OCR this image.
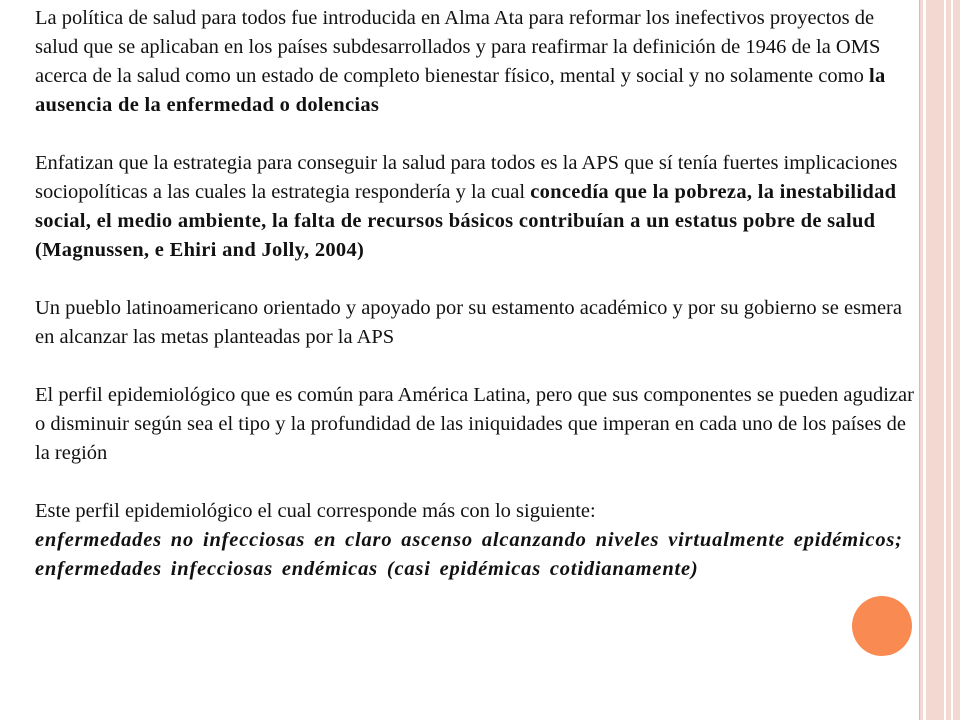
La política de salud para todos fue introducida en Alma Ata para reformar los inefectivos proyectos de salud que se aplicaban en los países subdesarrollados y para reafirmar la definición de 1946 de la OMS acerca de la salud como un estado de completo bienestar físico, mental y social y no solamente como la ausencia de la enfermedad o dolencias

Enfatizan que la estrategia para conseguir la salud para todos es la APS que sí tenía fuertes implicaciones sociopolíticas a las cuales la estrategia respondería y la cual concedía que la pobreza, la inestabilidad social, el medio ambiente, la falta de recursos básicos contribuían a un estatus pobre de salud (Magnussen, e Ehiri and Jolly, 2004)

Un pueblo latinoamericano orientado y apoyado por su estamento académico y por su gobierno se esmera en alcanzar las metas planteadas por la APS

El perfil epidemiológico que es común para América Latina, pero que sus componentes se pueden agudizar o disminuir según sea el tipo y la profundidad de las iniquidades que imperan en cada uno de los países de la región

Este perfil epidemiológico el cual corresponde más con lo siguiente:
enfermedades no infecciosas en claro ascenso alcanzando niveles virtualmente epidémicos; enfermedades infecciosas endémicas (casi epidémicas cotidianamente)
